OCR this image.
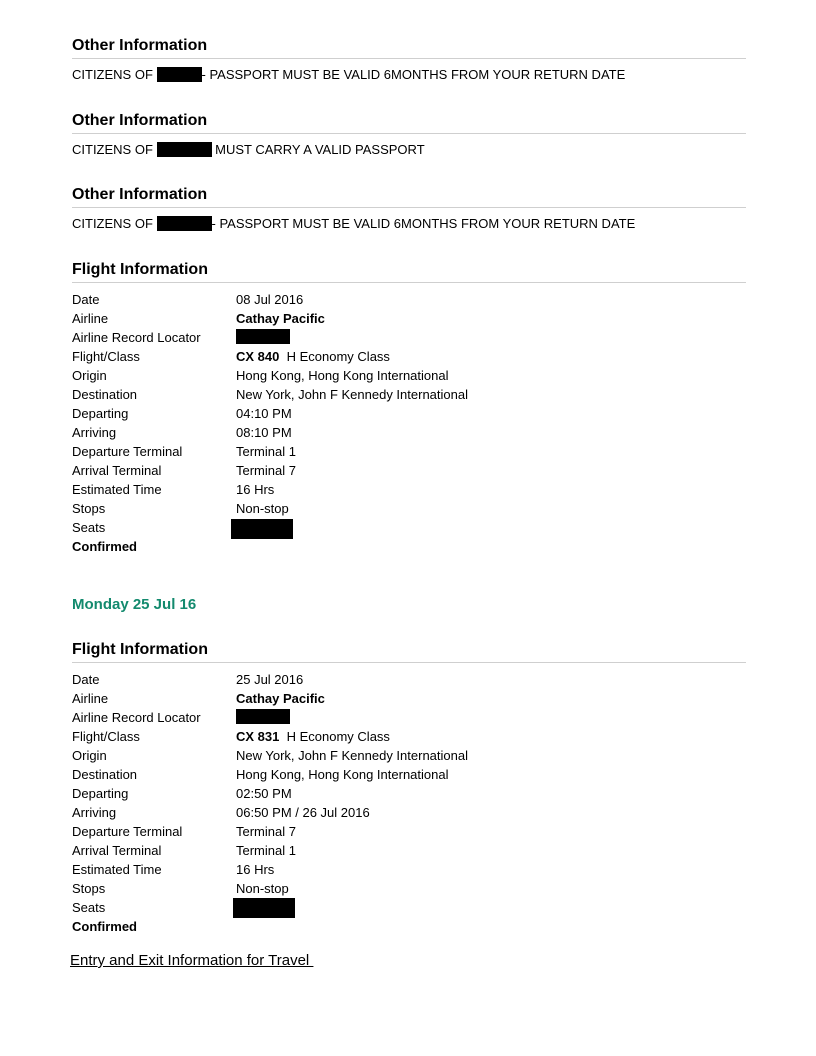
Other Information
CITIZENS OF	- PASSPORT MUST BE VALID 6MONTHS FROM YOUR RETURN DATE
Other Information
CITIZENS OF	MUST CARRY A VALID PASSPORT
Other Information
CITIZENS OF	- PASSPORT MUST BE VALID 6MONTHS FROM YOUR RETURN DATE
Flight Information
Date	08 Jul 2016
Airline	Cathay Pacific
Airline Record Locator
Flight/Class	CX 840 H Economy Class
Origin	Hong Kong, Hong Kong International
Destination	New York, John F Kennedy International
Departing	04:10 PM
Arriving	08:10 PM
Departure Terminal	Terminal 1
Arrival Terminal	Terminal 7
Estimated Time	16 Hrs
Stops	Non-stop
Seats
Confirmed
Monday 25 Jul 16
Flight Information
Date	25 Jul 2016
Airline	Cathay Pacific
Airline Record Locator
Flight/Class	CX 831 H Economy Class
Origin	New York, John F Kennedy International
Destination	Hong Kong, Hong Kong International
Departing	02:50 PM
Arriving	06:50 PM / 26 Jul 2016
Departure Terminal	Terminal 7
Arrival Terminal	Terminal 1
Estimated Time	16 Hrs
Stops	Non-stop
Seats
Confirmed
Entry and Exit Information for Travel
